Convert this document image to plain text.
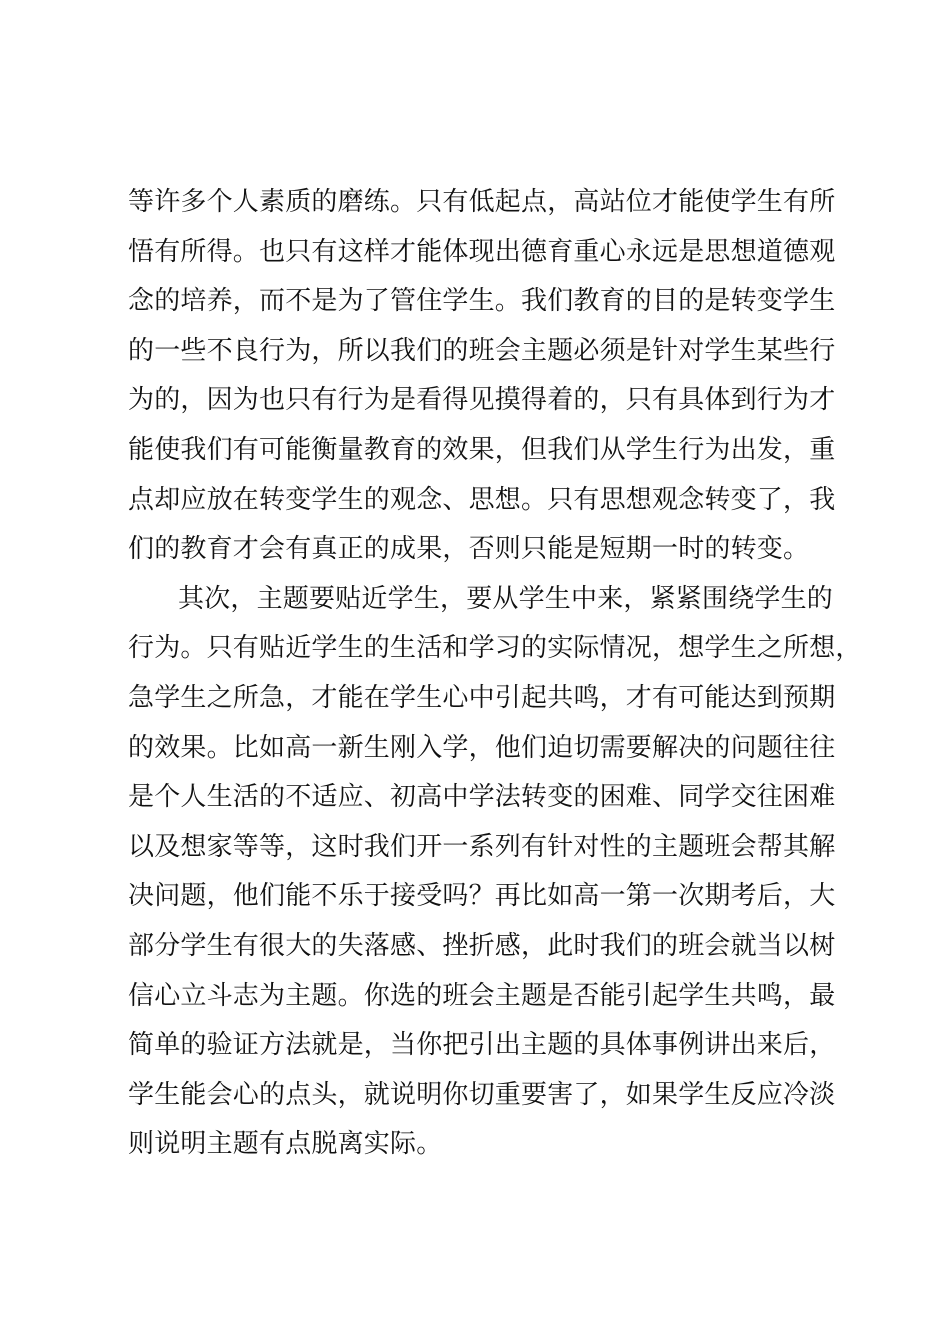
等许多个人素质的磨练。只有低起点，高站位才能使学生有所
悟有所得。也只有这样才能体现出德育重心永远是思想道德观
念的培养，而不是为了管住学生。我们教育的目的是转变学生
的一些不良行为，所以我们的班会主题必须是针对学生某些行
为的，因为也只有行为是看得见摸得着的，只有具体到行为才
能使我们有可能衡量教育的效果，但我们从学生行为出发，重
点却应放在转变学生的观念、思想。只有思想观念转变了，我
们的教育才会有真正的成果，否则只能是短期一时的转变。
其次，主题要贴近学生，要从学生中来，紧紧围绕学生的
行为。只有贴近学生的生活和学习的实际情况，想学生之所想，
急学生之所急，才能在学生心中引起共鸣，才有可能达到预期
的效果。比如高一新生刚入学，他们迫切需要解决的问题往往
是个人生活的不适应、初高中学法转变的困难、同学交往困难
以及想家等等，这时我们开一系列有针对性的主题班会帮其解
决问题，他们能不乐于接受吗？再比如高一第一次期考后，大
部分学生有很大的失落感、挫折感，此时我们的班会就当以树
信心立斗志为主题。你选的班会主题是否能引起学生共鸣，最
简单的验证方法就是，当你把引出主题的具体事例讲出来后，
学生能会心的点头，就说明你切重要害了，如果学生反应冷淡
则说明主题有点脱离实际。
